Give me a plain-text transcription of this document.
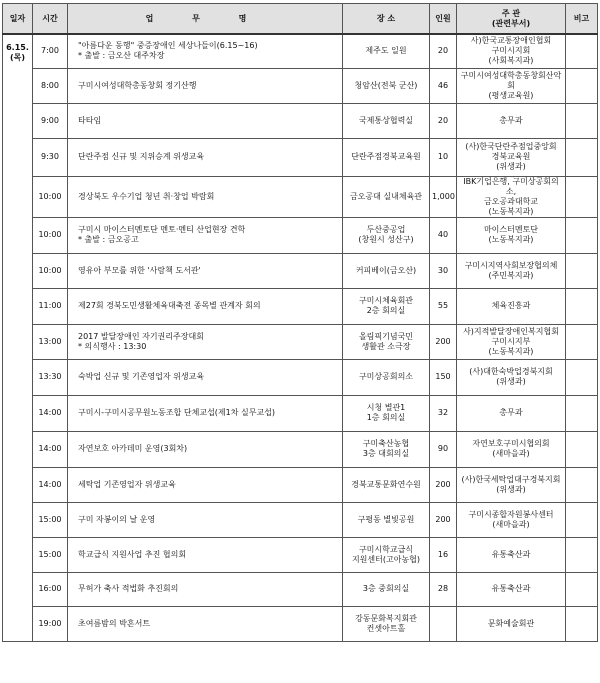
일자	시간	업 무 명	장 소	인원	주 관
(관련부서)	비고

6.15.
(목)	7:00	"아름다운 동행" 중증장애인 세상나들이(6.15~16)
* 출발 : 금오산 대주차장	제주도 일원	20	사)한국교통장애인협회
구미시지회
(사회복지과)	

	8:00	구미시여성대학총동창회 정기산행	청암산(전북 군산)	46	구미시여성대학총동창회산악회
(평생교육원)	

	9:00	타타임	국제통상협력실	20	총무과	

	9:30	단란주점 신규 및 지위승계 위생교육	단란주점경북교육원	10	(사)한국단란주점업중앙회
경북교육원
(위생과)	

	10:00	경상북도 우수기업 청년 취·창업 박람회	금오공대 실내체육관	1,000	IBK기업은행, 구미상공회의소,
금오공과대학교
(노동복지과)	

	10:00	구미시 마이스터멘토단 멘토·멘티 산업현장 견학
* 출발 : 금오공고	두산중공업
(창원시 성산구)	40	마이스터멘토단
(노동복지과)	

	10:00	영유아 부모를 위한 '사람책 도서관'	커피베이(금오산)	30	구미시지역사회보장협의체
(주민복지과)	

	11:00	제27회 경북도민생활체육대축전 종목별 관계자 회의	구미시체육회관
2층 회의실	55	체육진흥과	

	13:00	2017 발달장애인 자기권리주장대회
* 의식행사 : 13:30	올림픽기념국민
생활관 소극장	200	사)지적발달장애인복지협회
구미시지부
(노동복지과)	

	13:30	숙박업 신규 및 기존영업자 위생교육	구미상공회의소	150	(사)대한숙박업경북지회
(위생과)	

	14:00	구미시-구미시공무원노동조합 단체교섭(제1차 실무교섭)	시청 별관1
1층 회의실	32	총무과	

	14:00	자연보호 아카데미 운영(3회차)	구미축산농협
3층 대회의실	90	자연보호구미시협의회
(새마을과)	

	14:00	세탁업 기존영업자 위생교육	경북교통문화연수원	200	(사)한국세탁업대구경북지회
(위생과)	

	15:00	구미 자봉이의 날 운영	구평동 별빛공원	200	구미시종합자원봉사센터
(새마을과)	

	15:00	학교급식 지원사업 추진 협의회	구미시학교급식
지원센터(고아농협)	16	유통축산과	

	16:00	무허가 축사 적법화 추진회의	3층 중회의실	28	유통축산과	

	19:00	초여름밤의 박흔서트	강동문화복지회관
컨셋아트홀		문화예술회관	
